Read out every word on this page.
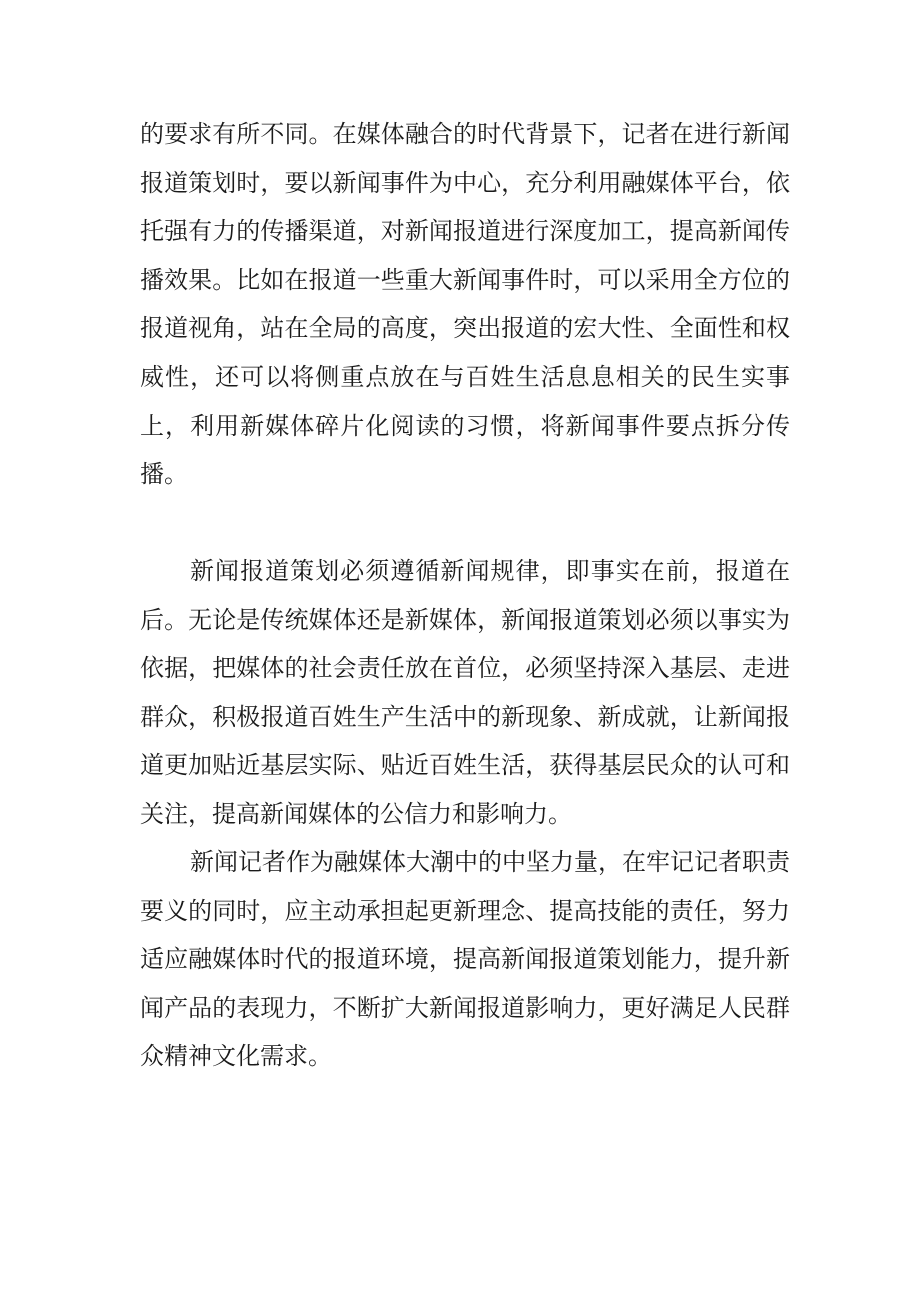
的要求有所不同。在媒体融合的时代背景下，记者在进行新闻报道策划时，要以新闻事件为中心，充分利用融媒体平台，依托强有力的传播渠道，对新闻报道进行深度加工，提高新闻传播效果。比如在报道一些重大新闻事件时，可以采用全方位的报道视角，站在全局的高度，突出报道的宏大性、全面性和权威性，还可以将侧重点放在与百姓生活息息相关的民生实事上，利用新媒体碎片化阅读的习惯，将新闻事件要点拆分传播。

新闻报道策划必须遵循新闻规律，即事实在前，报道在后。无论是传统媒体还是新媒体，新闻报道策划必须以事实为依据，把媒体的社会责任放在首位，必须坚持深入基层、走进群众，积极报道百姓生产生活中的新现象、新成就，让新闻报道更加贴近基层实际、贴近百姓生活，获得基层民众的认可和关注，提高新闻媒体的公信力和影响力。

新闻记者作为融媒体大潮中的中坚力量，在牢记记者职责要义的同时，应主动承担起更新理念、提高技能的责任，努力适应融媒体时代的报道环境，提高新闻报道策划能力，提升新闻产品的表现力，不断扩大新闻报道影响力，更好满足人民群众精神文化需求。
